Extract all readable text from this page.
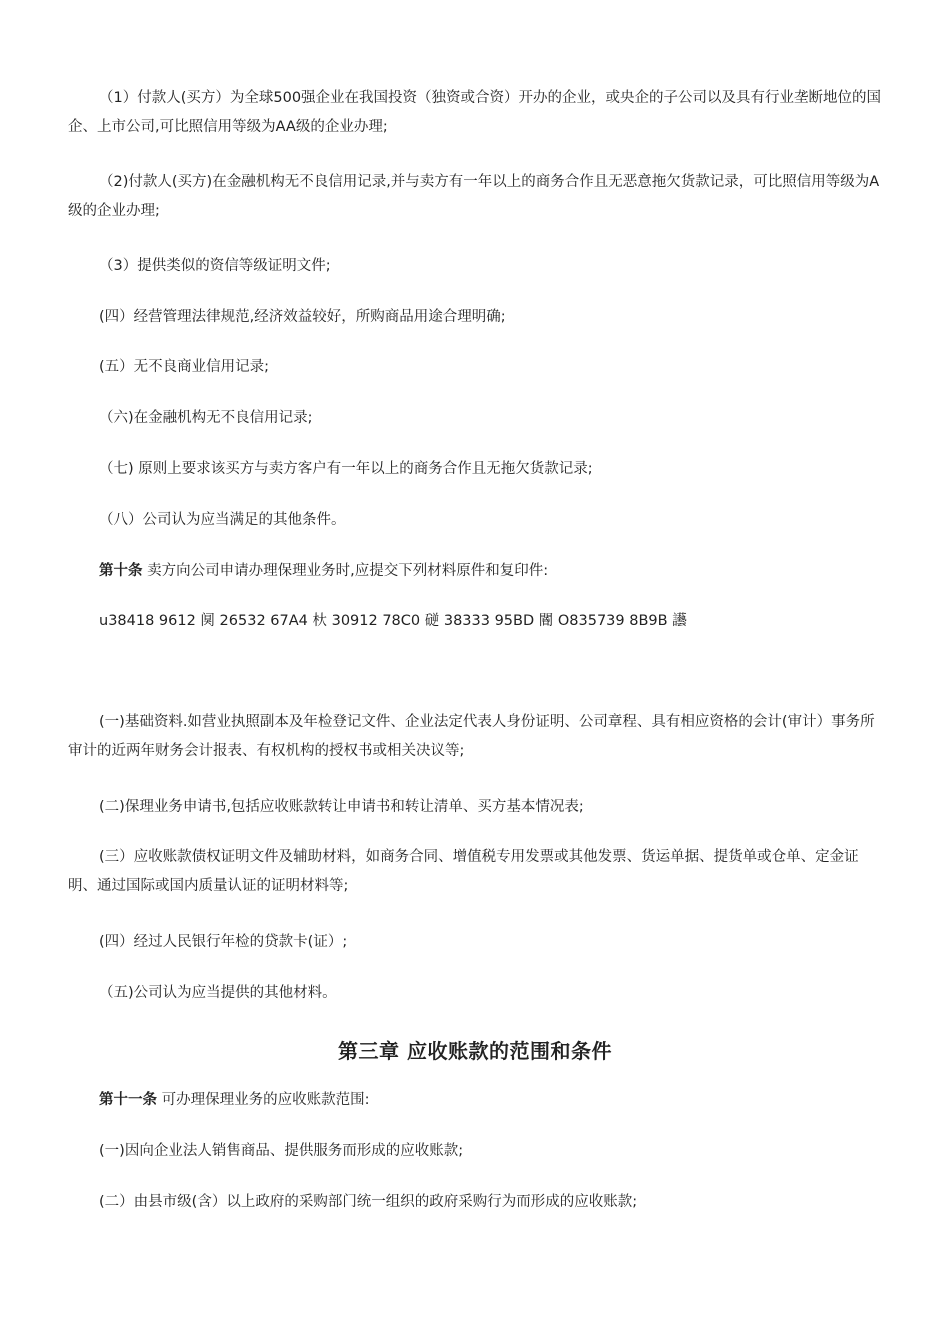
（1）付款人(买方）为全球500强企业在我国投资（独资或合资）开办的企业，或央企的子公司以及具有行业垄断地位的国企、上市公司,可比照信用等级为AA级的企业办理;

（2)付款人(买方)在金融机构无不良信用记录,并与卖方有一年以上的商务合作且无恶意拖欠货款记录，可比照信用等级为A级的企业办理;

（3）提供类似的资信等级证明文件;

(四）经营管理法律规范,经济效益较好，所购商品用途合理明确;

(五）无不良商业信用记录;

（六)在金融机构无不良信用记录;

（七) 原则上要求该买方与卖方客户有一年以上的商务合作且无拖欠货款记录;

（八）公司认为应当满足的其他条件。

第十条 卖方向公司申请办理保理业务时,应提交下列材料原件和复印件:

u38418 9612 阒 26532 67A4 杕 30912 78C0 磀 38333 95BD 閽 O835739 8B9B 讛

(一)基础资料.如营业执照副本及年检登记文件、企业法定代表人身份证明、公司章程、具有相应资格的会计(审计）事务所审计的近两年财务会计报表、有权机构的授权书或相关决议等;

(二)保理业务申请书,包括应收账款转让申请书和转让清单、买方基本情况表;

(三）应收账款债权证明文件及辅助材料，如商务合同、增值税专用发票或其他发票、货运单据、提货单或仓单、定金证明、通过国际或国内质量认证的证明材料等;

(四）经过人民银行年检的贷款卡(证）;

（五)公司认为应当提供的其他材料。

第三章 应收账款的范围和条件

第十一条 可办理保理业务的应收账款范围:

(一)因向企业法人销售商品、提供服务而形成的应收账款;

(二）由县市级(含）以上政府的采购部门统一组织的政府采购行为而形成的应收账款;
